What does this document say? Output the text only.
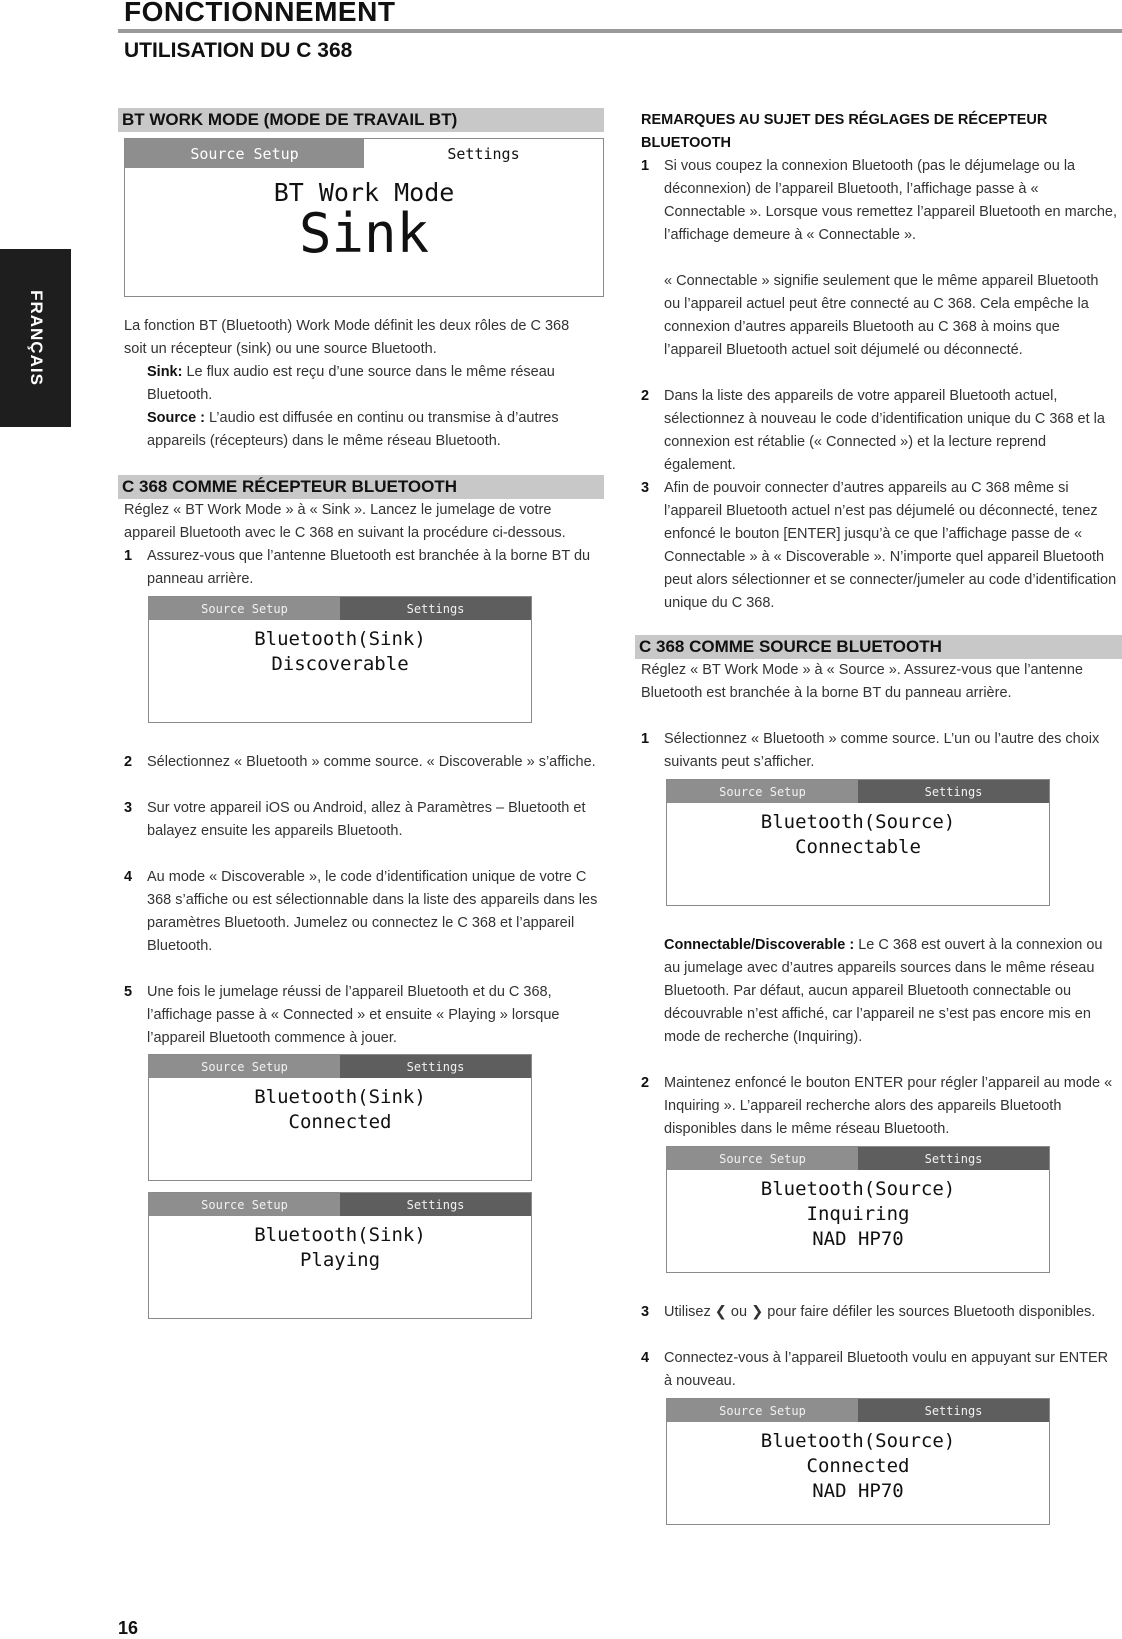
FONCTIONNEMENT
UTILISATION DU C 368
FRANÇAIS
BT WORK MODE (MODE DE TRAVAIL BT)
Source Setup	Settings
BT Work Mode
Sink
La fonction BT (Bluetooth) Work Mode définit les deux rôles de C 368 soit un récepteur (sink) ou une source Bluetooth.
Sink: Le flux audio est reçu d’une source dans le même réseau Bluetooth.
Source : L’audio est diffusée en continu ou transmise à d’autres appareils (récepteurs) dans le même réseau Bluetooth.
C 368 COMME RÉCEPTEUR BLUETOOTH
Réglez « BT Work Mode » à « Sink ». Lancez le jumelage de votre appareil Bluetooth avec le C 368 en suivant la procédure ci-dessous.
1 Assurez-vous que l’antenne Bluetooth est branchée à la borne BT du panneau arrière.
Source Setup	Settings
Bluetooth(Sink)
Discoverable
2 Sélectionnez « Bluetooth » comme source. « Discoverable » s’affiche.
3 Sur votre appareil iOS ou Android, allez à Paramètres – Bluetooth et balayez ensuite les appareils Bluetooth.
4 Au mode « Discoverable », le code d’identification unique de votre C 368 s’affiche ou est sélectionnable dans la liste des appareils dans les paramètres Bluetooth. Jumelez ou connectez le C 368 et l’appareil Bluetooth.
5 Une fois le jumelage réussi de l’appareil Bluetooth et du C 368, l’affichage passe à « Connected » et ensuite « Playing » lorsque l’appareil Bluetooth commence à jouer.
Source Setup	Settings
Bluetooth(Sink)
Connected
Source Setup	Settings
Bluetooth(Sink)
Playing
REMARQUES AU SUJET DES RÉGLAGES DE RÉCEPTEUR BLUETOOTH
1 Si vous coupez la connexion Bluetooth (pas le déjumelage ou la déconnexion) de l’appareil Bluetooth, l’affichage passe à « Connectable ». Lorsque vous remettez l’appareil Bluetooth en marche, l’affichage demeure à « Connectable ».
« Connectable » signifie seulement que le même appareil Bluetooth ou l’appareil actuel peut être connecté au C 368. Cela empêche la connexion d’autres appareils Bluetooth au C 368 à moins que l’appareil Bluetooth actuel soit déjumelé ou déconnecté.
2 Dans la liste des appareils de votre appareil Bluetooth actuel, sélectionnez à nouveau le code d’identification unique du C 368 et la connexion est rétablie (« Connected ») et la lecture reprend également.
3 Afin de pouvoir connecter d’autres appareils au C 368 même si l’appareil Bluetooth actuel n’est pas déjumelé ou déconnecté, tenez enfoncé le bouton [ENTER] jusqu’à ce que l’affichage passe de « Connectable » à « Discoverable ». N’importe quel appareil Bluetooth peut alors sélectionner et se connecter/jumeler au code d’identification unique du C 368.
C 368 COMME SOURCE BLUETOOTH
Réglez « BT Work Mode » à « Source ». Assurez-vous que l’antenne Bluetooth est branchée à la borne BT du panneau arrière.
1 Sélectionnez « Bluetooth » comme source. L’un ou l’autre des choix suivants peut s’afficher.
Source Setup	Settings
Bluetooth(Source)
Connectable
Connectable/Discoverable : Le C 368 est ouvert à la connexion ou au jumelage avec d’autres appareils sources dans le même réseau Bluetooth. Par défaut, aucun appareil Bluetooth connectable ou découvrable n’est affiché, car l’appareil ne s’est pas encore mis en mode de recherche (Inquiring).
2 Maintenez enfoncé le bouton ENTER pour régler l’appareil au mode « Inquiring ». L’appareil recherche alors des appareils Bluetooth disponibles dans le même réseau Bluetooth.
Source Setup	Settings
Bluetooth(Source)
Inquiring
NAD HP70
3 Utilisez ❮ ou ❯ pour faire défiler les sources Bluetooth disponibles.
4 Connectez-vous à l’appareil Bluetooth voulu en appuyant sur ENTER à nouveau.
Source Setup	Settings
Bluetooth(Source)
Connected
NAD HP70
16
